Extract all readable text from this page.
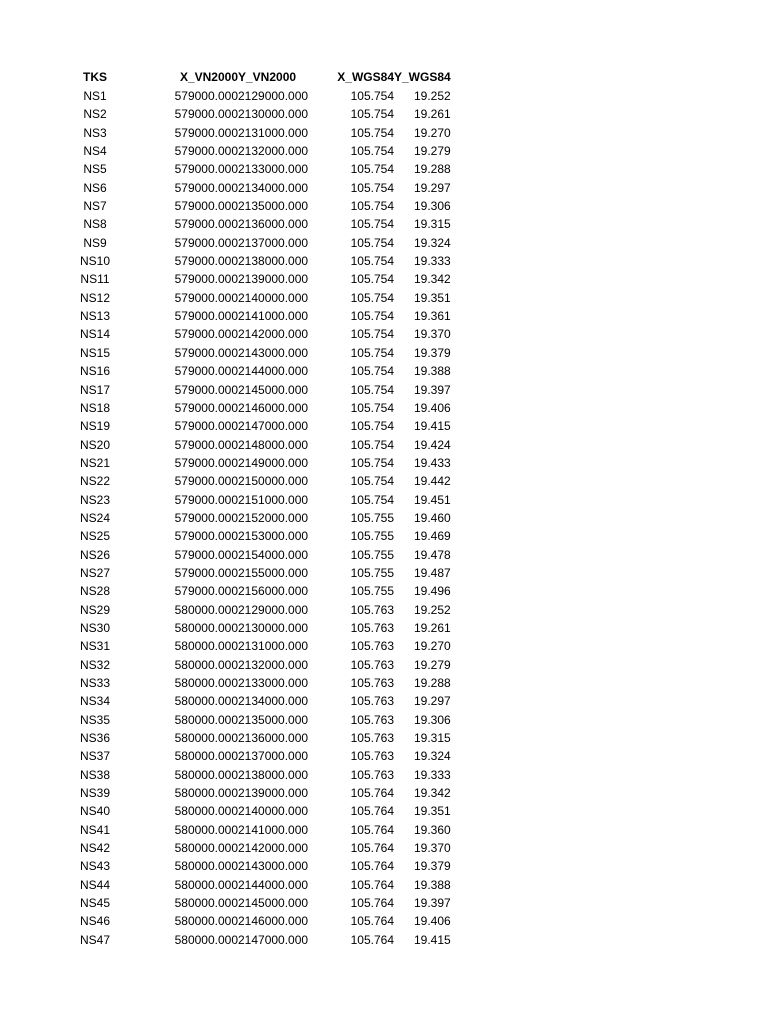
TKS	X_VN2000	Y_VN2000	X_WGS84	Y_WGS84
NS1	579000.000	2129000.000	105.754	19.252
NS2	579000.000	2130000.000	105.754	19.261
NS3	579000.000	2131000.000	105.754	19.270
NS4	579000.000	2132000.000	105.754	19.279
NS5	579000.000	2133000.000	105.754	19.288
NS6	579000.000	2134000.000	105.754	19.297
NS7	579000.000	2135000.000	105.754	19.306
NS8	579000.000	2136000.000	105.754	19.315
NS9	579000.000	2137000.000	105.754	19.324
NS10	579000.000	2138000.000	105.754	19.333
NS11	579000.000	2139000.000	105.754	19.342
NS12	579000.000	2140000.000	105.754	19.351
NS13	579000.000	2141000.000	105.754	19.361
NS14	579000.000	2142000.000	105.754	19.370
NS15	579000.000	2143000.000	105.754	19.379
NS16	579000.000	2144000.000	105.754	19.388
NS17	579000.000	2145000.000	105.754	19.397
NS18	579000.000	2146000.000	105.754	19.406
NS19	579000.000	2147000.000	105.754	19.415
NS20	579000.000	2148000.000	105.754	19.424
NS21	579000.000	2149000.000	105.754	19.433
NS22	579000.000	2150000.000	105.754	19.442
NS23	579000.000	2151000.000	105.754	19.451
NS24	579000.000	2152000.000	105.755	19.460
NS25	579000.000	2153000.000	105.755	19.469
NS26	579000.000	2154000.000	105.755	19.478
NS27	579000.000	2155000.000	105.755	19.487
NS28	579000.000	2156000.000	105.755	19.496
NS29	580000.000	2129000.000	105.763	19.252
NS30	580000.000	2130000.000	105.763	19.261
NS31	580000.000	2131000.000	105.763	19.270
NS32	580000.000	2132000.000	105.763	19.279
NS33	580000.000	2133000.000	105.763	19.288
NS34	580000.000	2134000.000	105.763	19.297
NS35	580000.000	2135000.000	105.763	19.306
NS36	580000.000	2136000.000	105.763	19.315
NS37	580000.000	2137000.000	105.763	19.324
NS38	580000.000	2138000.000	105.763	19.333
NS39	580000.000	2139000.000	105.764	19.342
NS40	580000.000	2140000.000	105.764	19.351
NS41	580000.000	2141000.000	105.764	19.360
NS42	580000.000	2142000.000	105.764	19.370
NS43	580000.000	2143000.000	105.764	19.379
NS44	580000.000	2144000.000	105.764	19.388
NS45	580000.000	2145000.000	105.764	19.397
NS46	580000.000	2146000.000	105.764	19.406
NS47	580000.000	2147000.000	105.764	19.415
